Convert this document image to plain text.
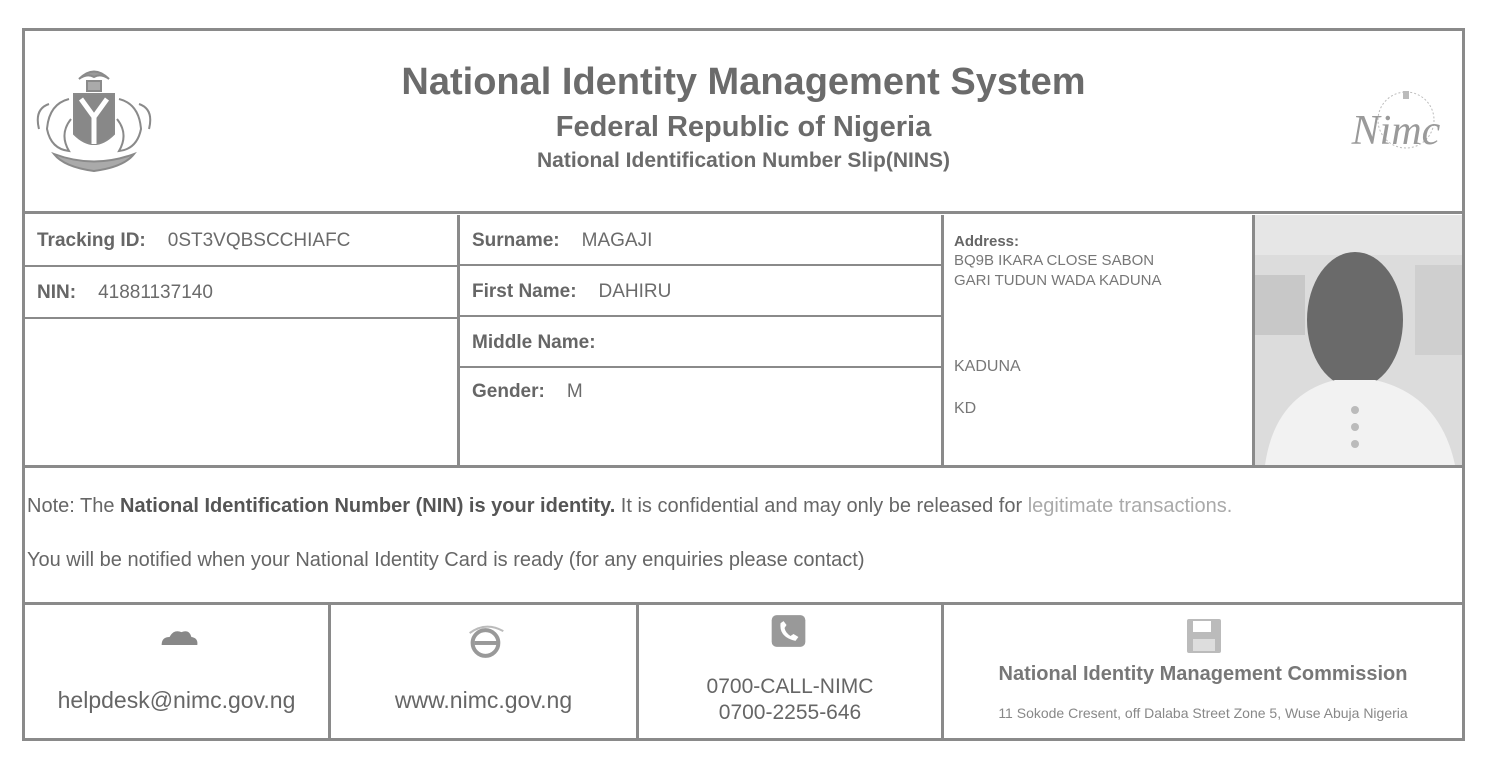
National Identity Management System
Federal Republic of Nigeria
National Identification Number Slip(NINS)
Nimc
Tracking ID: 0ST3VQBSCCHIAFC
NIN: 41881137140
Surname: MAGAJI
First Name: DAHIRU
Middle Name:
Gender: M
Address:
BQ9B IKARA CLOSE SABON
GARI TUDUN WADA KADUNA
KADUNA
KD
Note: The National Identification Number (NIN) is your identity. It is confidential and may only be released for legitimate transactions.
You will be notified when your National Identity Card is ready (for any enquiries please contact)
helpdesk@nimc.gov.ng	www.nimc.gov.ng
0700-CALL-NIMC
0700-2255-646
National Identity Management Commission
11 Sokode Cresent, off Dalaba Street Zone 5, Wuse Abuja Nigeria
